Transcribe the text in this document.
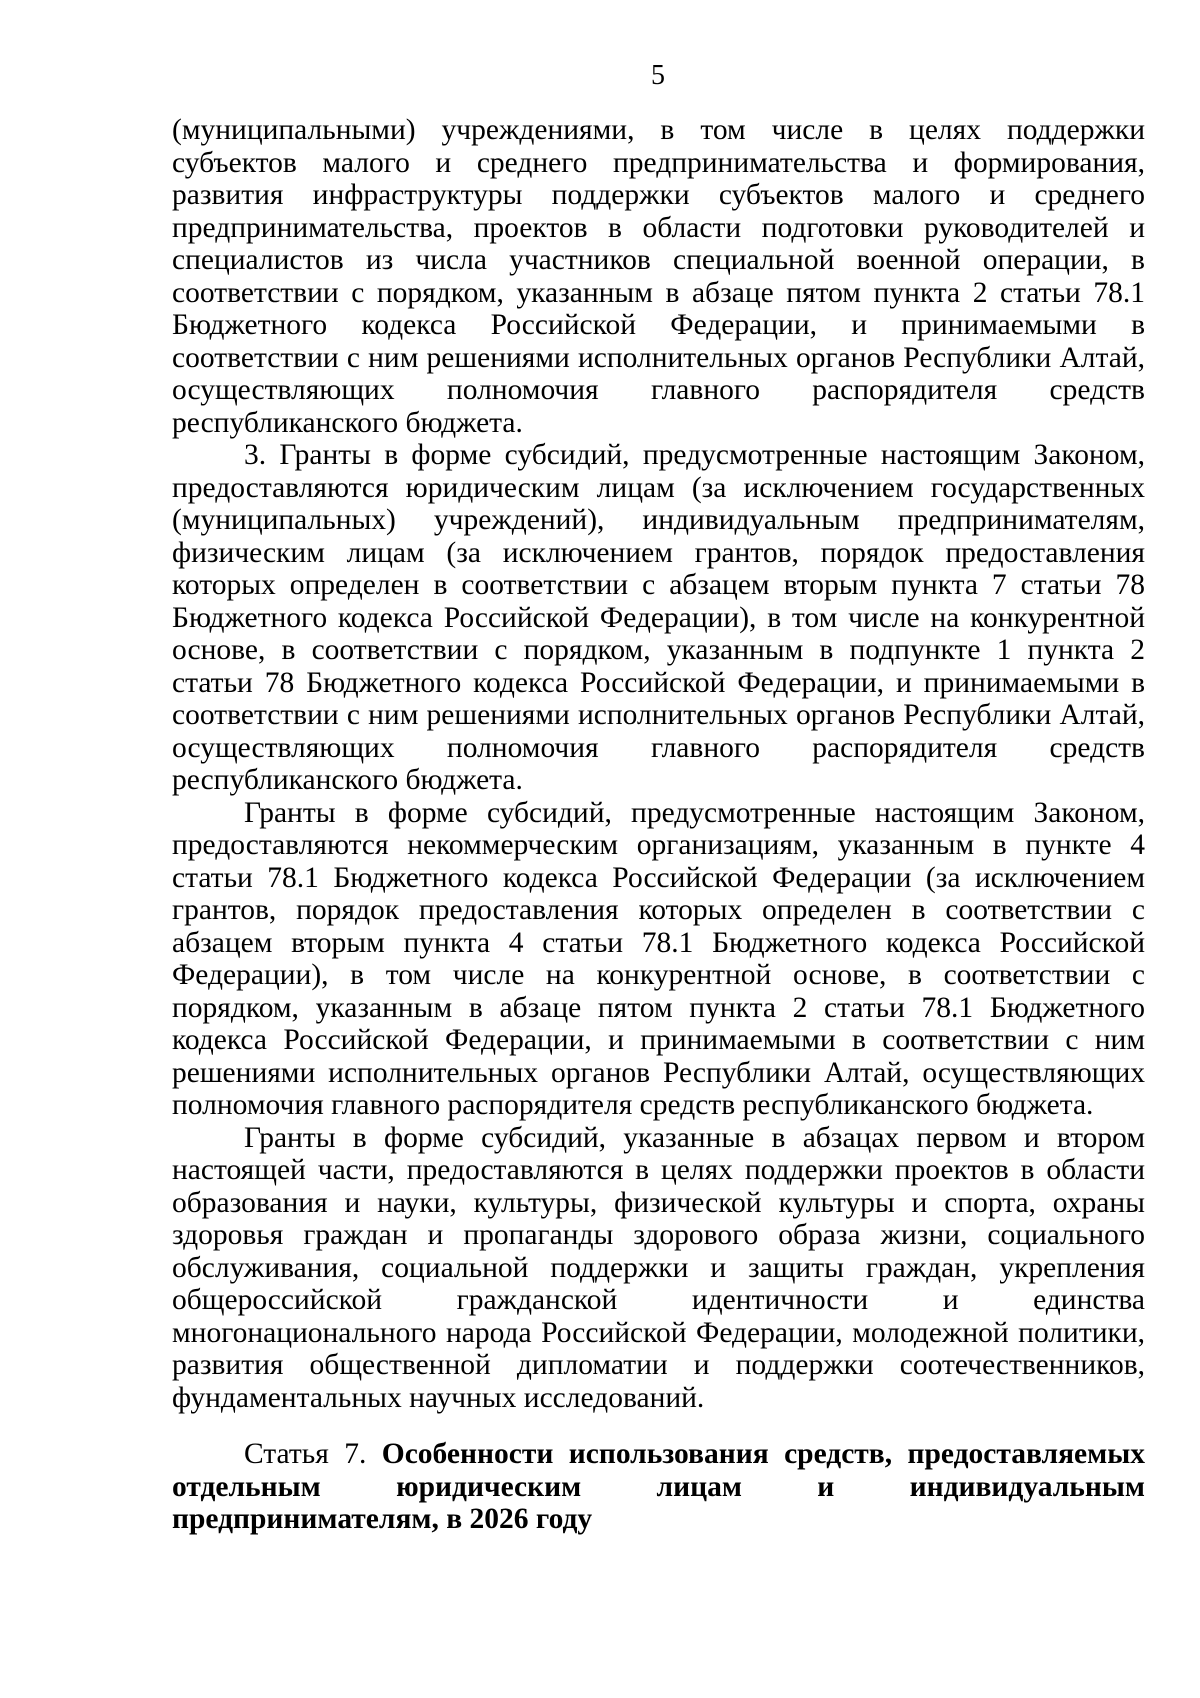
5

(муниципальными) учреждениями, в том числе в целях поддержки субъектов малого и среднего предпринимательства и формирования, развития инфраструктуры поддержки субъектов малого и среднего предпринимательства, проектов в области подготовки руководителей и специалистов из числа участников специальной военной операции, в соответствии с порядком, указанным в абзаце пятом пункта 2 статьи 78.1 Бюджетного кодекса Российской Федерации, и принимаемыми в соответствии с ним решениями исполнительных органов Республики Алтай, осуществляющих полномочия главного распорядителя средств республиканского бюджета.

3. Гранты в форме субсидий, предусмотренные настоящим Законом, предоставляются юридическим лицам (за исключением государственных (муниципальных) учреждений), индивидуальным предпринимателям, физическим лицам (за исключением грантов, порядок предоставления которых определен в соответствии с абзацем вторым пункта 7 статьи 78 Бюджетного кодекса Российской Федерации), в том числе на конкурентной основе, в соответствии с порядком, указанным в подпункте 1 пункта 2 статьи 78 Бюджетного кодекса Российской Федерации, и принимаемыми в соответствии с ним решениями исполнительных органов Республики Алтай, осуществляющих полномочия главного распорядителя средств республиканского бюджета.

Гранты в форме субсидий, предусмотренные настоящим Законом, предоставляются некоммерческим организациям, указанным в пункте 4 статьи 78.1 Бюджетного кодекса Российской Федерации (за исключением грантов, порядок предоставления которых определен в соответствии с абзацем вторым пункта 4 статьи 78.1 Бюджетного кодекса Российской Федерации), в том числе на конкурентной основе, в соответствии с порядком, указанным в абзаце пятом пункта 2 статьи 78.1 Бюджетного кодекса Российской Федерации, и принимаемыми в соответствии с ним решениями исполнительных органов Республики Алтай, осуществляющих полномочия главного распорядителя средств республиканского бюджета.

Гранты в форме субсидий, указанные в абзацах первом и втором настоящей части, предоставляются в целях поддержки проектов в области образования и науки, культуры, физической культуры и спорта, охраны здоровья граждан и пропаганды здорового образа жизни, социального обслуживания, социальной поддержки и защиты граждан, укрепления общероссийской гражданской идентичности и единства многонационального народа Российской Федерации, молодежной политики, развития общественной дипломатии и поддержки соотечественников, фундаментальных научных исследований.

Статья 7. Особенности использования средств, предоставляемых отдельным юридическим лицам и индивидуальным предпринимателям, в 2026 году
